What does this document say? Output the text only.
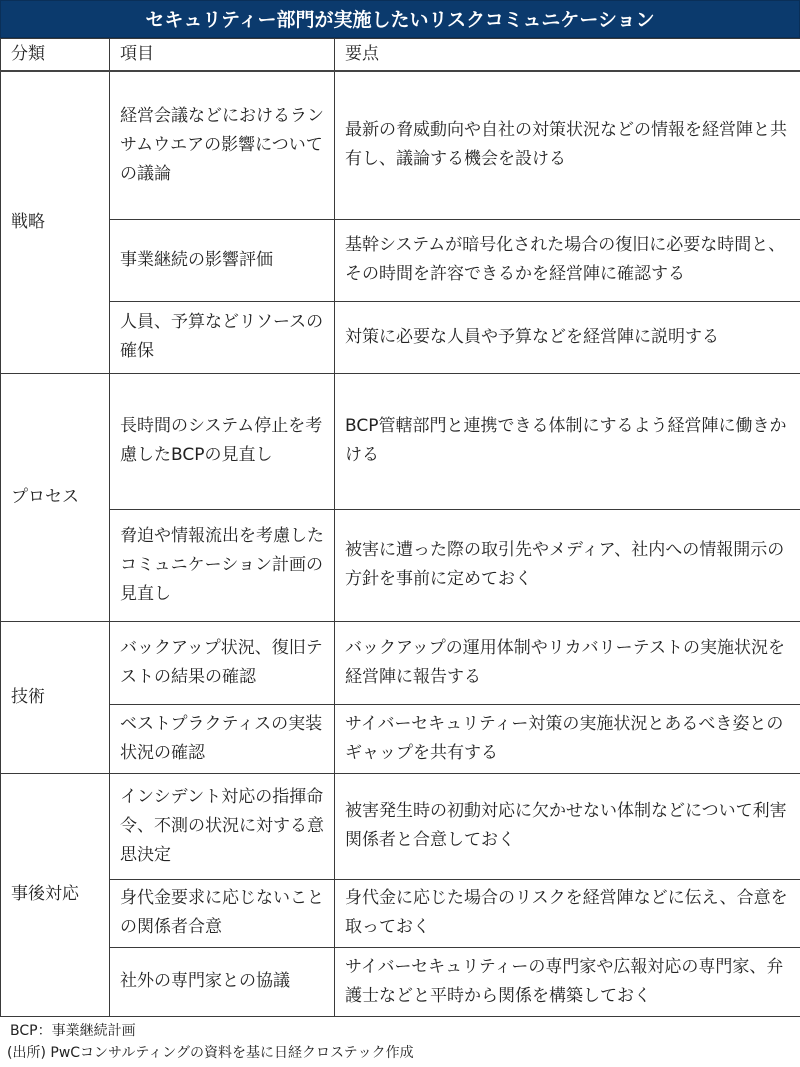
セキュリティー部門が実施したいリスクコミュニケーション
分類	項目	要点
戦略	経営会議などにおけるランサムウエアの影響についての議論	最新の脅威動向や自社の対策状況などの情報を経営陣と共有し、議論する機会を設ける
	事業継続の影響評価	基幹システムが暗号化された場合の復旧に必要な時間と、その時間を許容できるかを経営陣に確認する
	人員、予算などリソースの確保	対策に必要な人員や予算などを経営陣に説明する
プロセス	長時間のシステム停止を考慮したBCPの見直し	BCP管轄部門と連携できる体制にするよう経営陣に働きかける
	脅迫や情報流出を考慮したコミュニケーション計画の見直し	被害に遭った際の取引先やメディア、社内への情報開示の方針を事前に定めておく
技術	バックアップ状況、復旧テストの結果の確認	バックアップの運用体制やリカバリーテストの実施状況を経営陣に報告する
	ベストプラクティスの実装状況の確認	サイバーセキュリティー対策の実施状況とあるべき姿とのギャップを共有する
事後対応	インシデント対応の指揮命令、不測の状況に対する意思決定	被害発生時の初動対応に欠かせない体制などについて利害関係者と合意しておく
	身代金要求に応じないことの関係者合意	身代金に応じた場合のリスクを経営陣などに伝え、合意を取っておく
	社外の専門家との協議	サイバーセキュリティーの専門家や広報対応の専門家、弁護士などと平時から関係を構築しておく
BCP：事業継続計画
(出所) PwCコンサルティングの資料を基に日経クロステック作成
